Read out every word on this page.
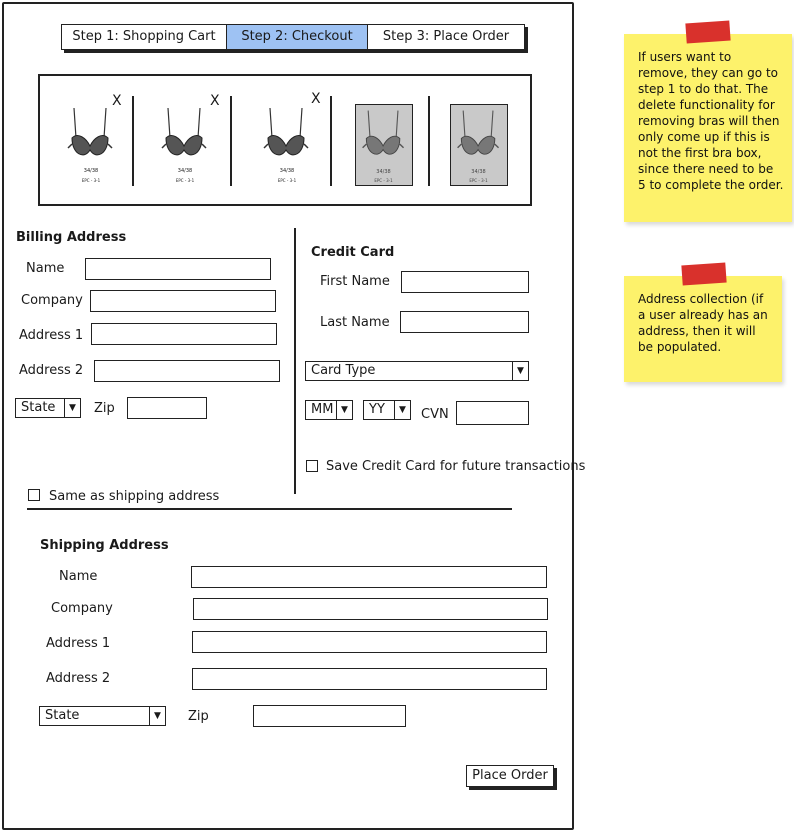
Step 1: Shopping Cart	Step 2: Checkout	Step 3: Place Order
34/38
EPC - 3-1
X
34/38
EPC - 3-1
X
34/38
EPC - 3-1
X
34/38
EPC - 3-1
34/38
EPC - 3-1
Billing Address
Name
Company
Address 1
Address 2
State	▼	Zip
Credit Card
First Name
Last Name
Card Type	▼
MM ▼	YY	▼	CVN
Save Credit Card for future transactions
Same as shipping address
Shipping Address
Name
Company
Address 1
Address 2
State	▼	Zip
Place Order
If users want to remove, they can go to step 1 to do that. The delete functionality for removing bras will then only come up if this is not the first bra box, since there need to be 5 to complete the order.
Address collection (if a user already has an address, then it will be populated.
